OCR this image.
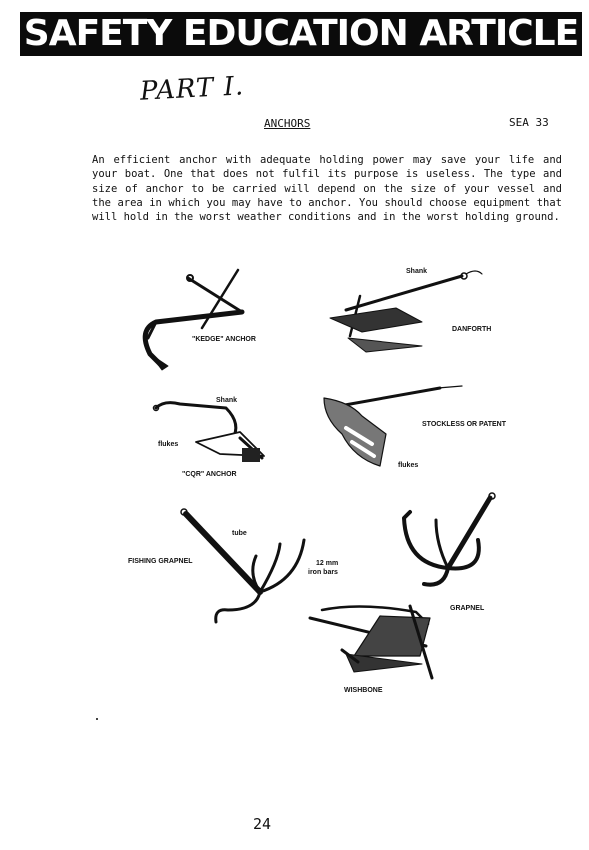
SAFETY EDUCATION ARTICLE
PART I.
ANCHORS	SEA 33
An efficient anchor with adequate holding power may save your life and your boat. One that does not fulfil its purpose is useless. The type and size of anchor to be carried will depend on the size of your vessel and the area in which you may have to anchor. You should choose equipment that will hold in the worst weather conditions and in the worst holding ground.
"KEDGE" ANCHOR
Shank
DANFORTH
Shank
flukes
"CQR" ANCHOR
STOCKLESS OR PATENT
flukes
tube
FISHING GRAPNEL	12 mm
iron bars
GRAPNEL
WISHBONE
24
